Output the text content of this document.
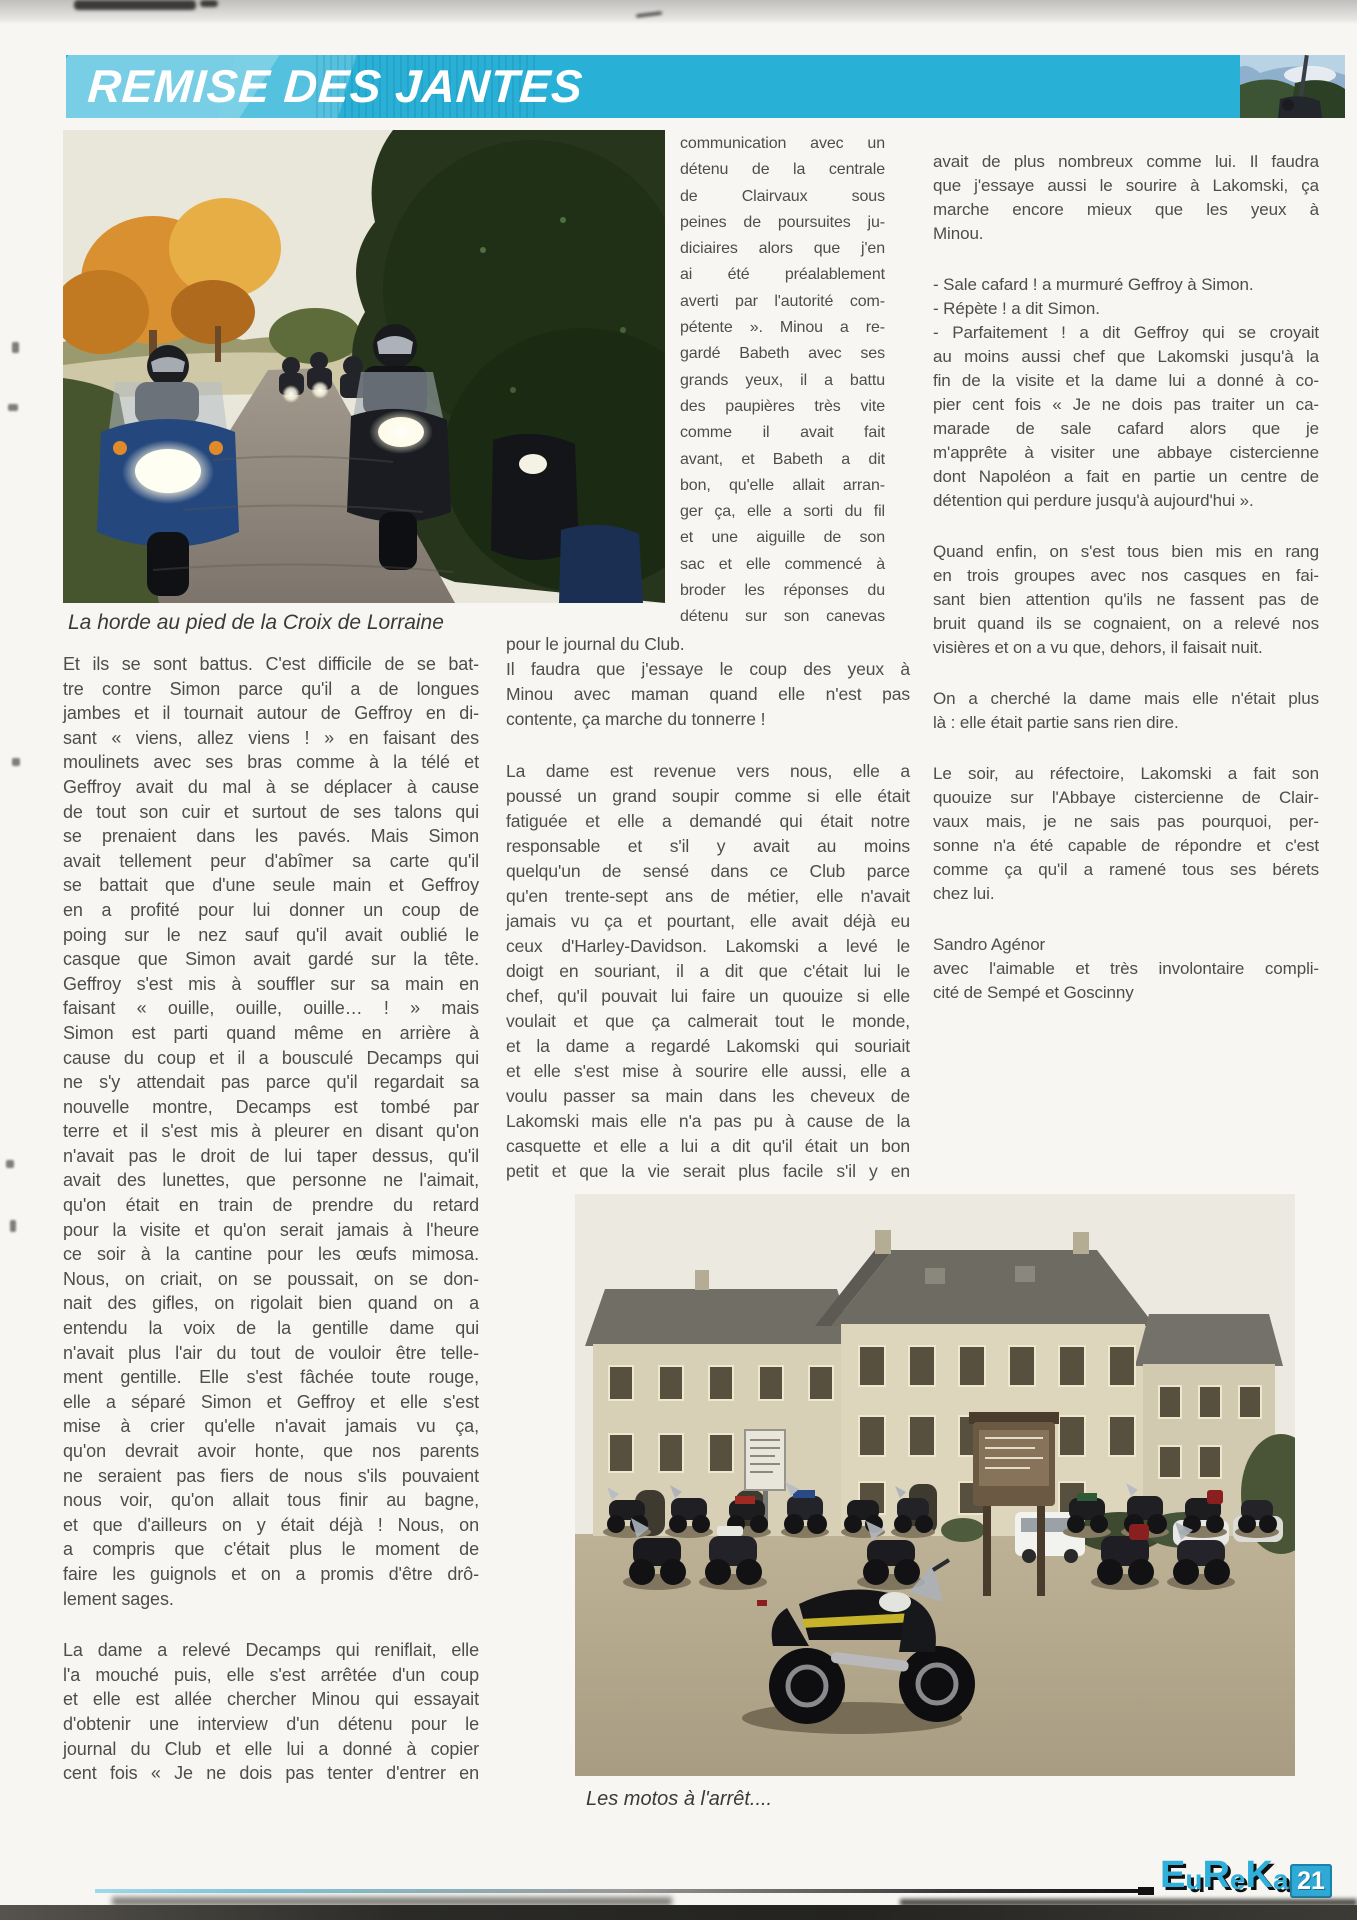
REMISE DES JANTES
La horde au pied de la Croix de Lorraine
Et ils se sont battus. C'est difficile de se bat-
tre contre Simon parce qu'il a de longues
jambes et il tournait autour de Geffroy en di-
sant « viens, allez viens ! » en faisant des
moulinets avec ses bras comme à la télé et
Geffroy avait du mal à se déplacer à cause
de tout son cuir et surtout de ses talons qui
se prenaient dans les pavés. Mais Simon
avait tellement peur d'abîmer sa carte qu'il
se battait que d'une seule main et Geffroy
en a profité pour lui donner un coup de
poing sur le nez sauf qu'il avait oublié le
casque que Simon avait gardé sur la tête.
Geffroy s'est mis à souffler sur sa main en
faisant « ouille, ouille, ouille… ! » mais
Simon est parti quand même en arrière à
cause du coup et il a bousculé Decamps qui
ne s'y attendait pas parce qu'il regardait sa
nouvelle montre, Decamps est tombé par
terre et il s'est mis à pleurer en disant qu'on
n'avait pas le droit de lui taper dessus, qu'il
avait des lunettes, que personne ne l'aimait,
qu'on était en train de prendre du retard
pour la visite et qu'on serait jamais à l'heure
ce soir à la cantine pour les œufs mimosa.
Nous, on criait, on se poussait, on se don-
nait des gifles, on rigolait bien quand on a
entendu la voix de la gentille dame qui
n'avait plus l'air du tout de vouloir être telle-
ment gentille. Elle s'est fâchée toute rouge,
elle a séparé Simon et Geffroy et elle s'est
mise à crier qu'elle n'avait jamais vu ça,
qu'on devrait avoir honte, que nos parents
ne seraient pas fiers de nous s'ils pouvaient
nous voir, qu'on allait tous finir au bagne,
et que d'ailleurs on y était déjà ! Nous, on
a compris que c'était plus le moment de
faire les guignols et on a promis d'être drô-
lement sages.
La dame a relevé Decamps qui reniflait, elle
l'a mouché puis, elle s'est arrêtée d'un coup
et elle est allée chercher Minou qui essayait
d'obtenir une interview d'un détenu pour le
journal du Club et elle lui a donné à copier
cent fois « Je ne dois pas tenter d'entrer en
communication avec un
détenu de la centrale
de Clairvaux sous
peines de poursuites ju-
diciaires alors que j'en
ai été préalablement
averti par l'autorité com-
pétente ». Minou a re-
gardé Babeth avec ses
grands yeux, il a battu
des paupières très vite
comme il avait fait
avant, et Babeth a dit
bon, qu'elle allait arran-
ger ça, elle a sorti du fil
et une aiguille de son
sac et elle commencé à
broder les réponses du
détenu sur son canevas
pour le journal du Club.
Il faudra que j'essaye le coup des yeux à
Minou avec maman quand elle n'est pas
contente, ça marche du tonnerre !
La dame est revenue vers nous, elle a
poussé un grand soupir comme si elle était
fatiguée et elle a demandé qui était notre
responsable et s'il y avait au moins
quelqu'un de sensé dans ce Club parce
qu'en trente-sept ans de métier, elle n'avait
jamais vu ça et pourtant, elle avait déjà eu
ceux d'Harley-Davidson. Lakomski a levé le
doigt en souriant, il a dit que c'était lui le
chef, qu'il pouvait lui faire un quouize si elle
voulait et que ça calmerait tout le monde,
et la dame a regardé Lakomski qui souriait
et elle s'est mise à sourire elle aussi, elle a
voulu passer sa main dans les cheveux de
Lakomski mais elle n'a pas pu à cause de la
casquette et elle a lui a dit qu'il était un bon
petit et que la vie serait plus facile s'il y en
avait de plus nombreux comme lui. Il faudra
que j'essaye aussi le sourire à Lakomski, ça
marche encore mieux que les yeux à
Minou.
- Sale cafard ! a murmuré Geffroy à Simon.
- Répète ! a dit Simon.
- Parfaitement ! a dit Geffroy qui se croyait
au moins aussi chef que Lakomski jusqu'à la
fin de la visite et la dame lui a donné à co-
pier cent fois « Je ne dois pas traiter un ca-
marade de sale cafard alors que je
m'apprête à visiter une abbaye cistercienne
dont Napoléon a fait en partie un centre de
détention qui perdure jusqu'à aujourd'hui ».
Quand enfin, on s'est tous bien mis en rang
en trois groupes avec nos casques en fai-
sant bien attention qu'ils ne fassent pas de
bruit quand ils se cognaient, on a relevé nos
visières et on a vu que, dehors, il faisait nuit.
On a cherché la dame mais elle n'était plus
là : elle était partie sans rien dire.
Le soir, au réfectoire, Lakomski a fait son
quouize sur l'Abbaye cistercienne de Clair-
vaux mais, je ne sais pas pourquoi, per-
sonne n'a été capable de répondre et c'est
comme ça qu'il a ramené tous ses bérets
chez lui.
Sandro Agénor
avec l'aimable et très involontaire compli-
cité de Sempé et Goscinny
Les motos à l'arrêt....
E u R e K a 21
